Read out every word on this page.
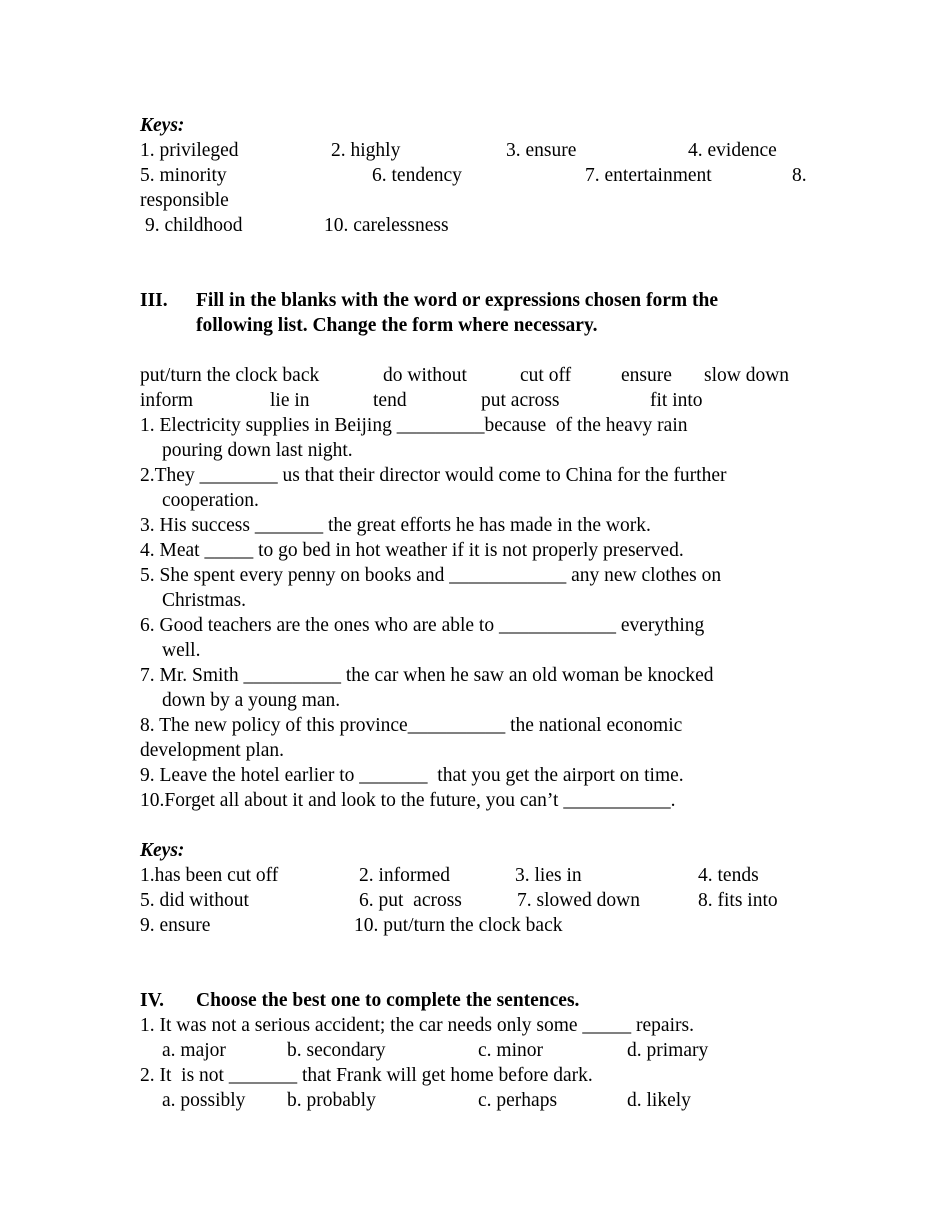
Keys:
1. privileged	2. highly	3. ensure	4. evidence
5. minority	6. tendency	7. entertainment	8.
responsible
9. childhood	10. carelessness
III. Fill in the blanks with the word or expressions chosen form the
following list. Change the form where necessary.
put/turn the clock back	do without	cut off	ensure slow down
inform	lie in	tend	put across	fit into
1. Electricity supplies in Beijing _________because  of the heavy rain
pouring down last night.
2.They ________ us that their director would come to China for the further
cooperation.
3. His success _______ the great efforts he has made in the work.
4. Meat _____ to go bed in hot weather if it is not properly preserved.
5. She spent every penny on books and ____________ any new clothes on
Christmas.
6. Good teachers are the ones who are able to ____________ everything
well.
7. Mr. Smith __________ the car when he saw an old woman be knocked
down by a young man.
8. The new policy of this province__________ the national economic
development plan.
9. Leave the hotel earlier to _______  that you get the airport on time.
10.Forget all about it and look to the future, you can’t ___________.
Keys:
1.has been cut off	2. informed	3. lies in	4. tends
5. did without	6. put  across	7. slowed down	8. fits into
9. ensure	10. put/turn the clock back
IV. Choose the best one to complete the sentences.
1. It was not a serious accident; the car needs only some _____ repairs.
a. major	b. secondary	c. minor	d. primary
2. It  is not _______ that Frank will get home before dark.
a. possibly b. probably	c. perhaps	d. likely
